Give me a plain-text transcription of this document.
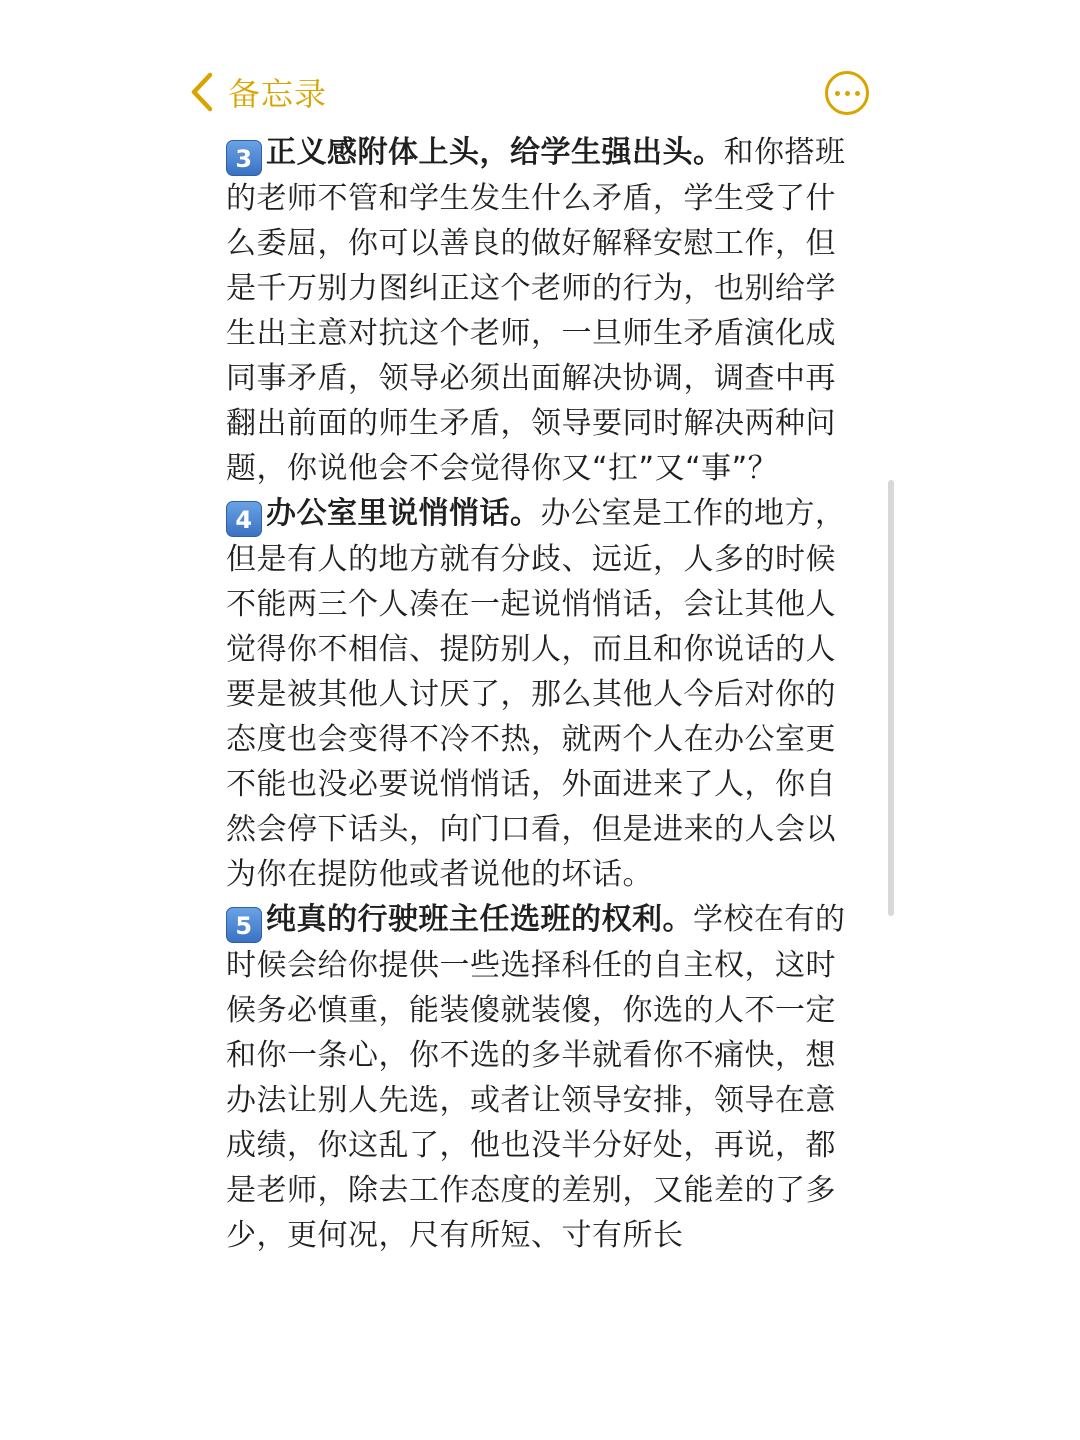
备忘录

3 正义感附体上头，给学生强出头。和你搭班的老师不管和学生发生什么矛盾，学生受了什么委屈，你可以善良的做好解释安慰工作，但是千万别力图纠正这个老师的行为，也别给学生出主意对抗这个老师，一旦师生矛盾演化成同事矛盾，领导必须出面解决协调，调查中再翻出前面的师生矛盾，领导要同时解决两种问题，你说他会不会觉得你又“扛”又“事”？

4 办公室里说悄悄话。办公室是工作的地方，但是有人的地方就有分歧、远近，人多的时候不能两三个人凑在一起说悄悄话，会让其他人觉得你不相信、提防别人，而且和你说话的人要是被其他人讨厌了，那么其他人今后对你的态度也会变得不冷不热，就两个人在办公室更不能也没必要说悄悄话，外面进来了人，你自然会停下话头，向门口看，但是进来的人会以为你在提防他或者说他的坏话。

5 纯真的行驶班主任选班的权利。学校在有的时候会给你提供一些选择科任的自主权，这时候务必慎重，能装傻就装傻，你选的人不一定和你一条心，你不选的多半就看你不痛快，想办法让别人先选，或者让领导安排，领导在意成绩，你这乱了，他也没半分好处，再说，都是老师，除去工作态度的差别，又能差的了多少，更何况，尺有所短、寸有所长
